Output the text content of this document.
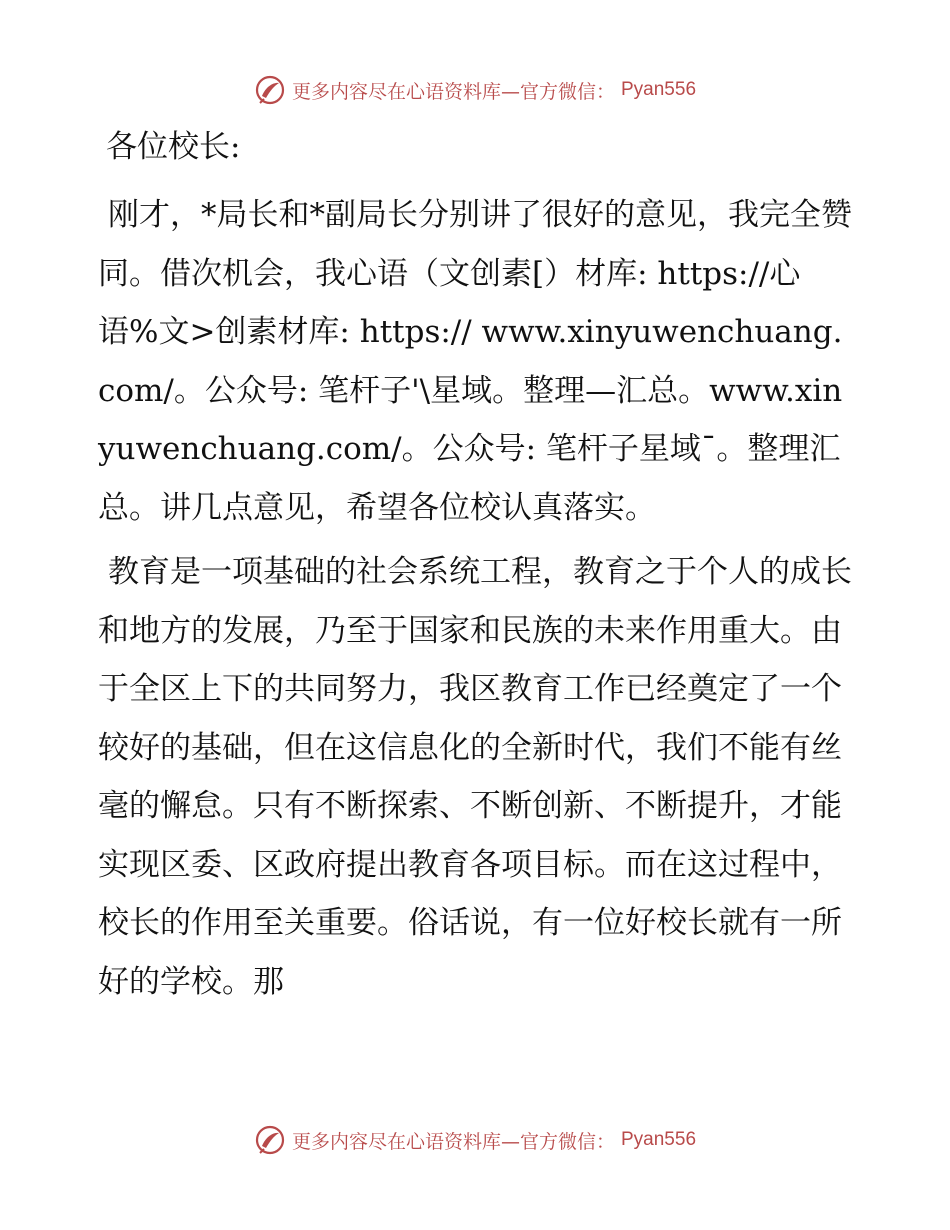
更多内容尽在心语资料库—官方微信： Pyan556
各位校长:

刚才，*局长和*副局长分别讲了很好的意见，我完全赞同。借次机会，我心语（文创素[）材库: https://心语%文>创素材库: https:// www.xinyuwenchuang.com/。公众号: 笔杆子'\星域。整理—汇总。www.xinyuwenchuang.com/。公众号: 笔杆子星域¯。整理汇总。讲几点意见，希望各位校认真落实。

教育是一项基础的社会系统工程，教育之于个人的成长和地方的发展，乃至于国家和民族的未来作用重大。由于全区上下的共同努力，我区教育工作已经奠定了一个较好的基础，但在这信息化的全新时代，我们不能有丝毫的懈怠。只有不断探索、不断创新、不断提升，才能实现区委、区政府提出教育各项目标。而在这过程中，校长的作用至关重要。俗话说，有一位好校长就有一所好的学校。那

更多内容尽在心语资料库—官方微信： Pyan556
